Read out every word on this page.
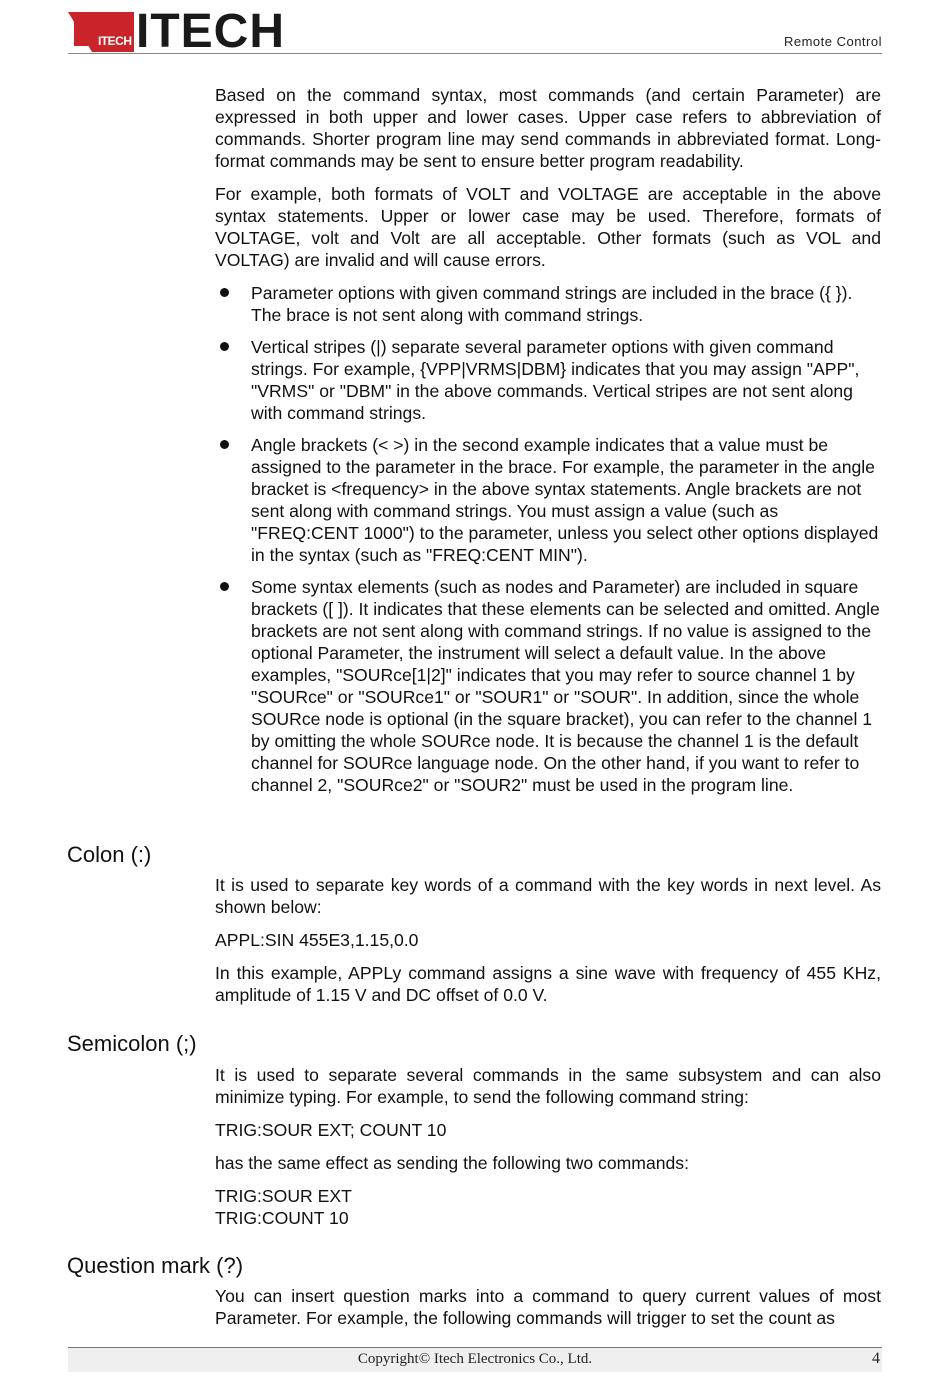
ITECH ITECH	Remote Control

Based on the command syntax, most commands (and certain Parameter) are expressed in both upper and lower cases. Upper case refers to abbreviation of commands. Shorter program line may send commands in abbreviated format. Long-format commands may be sent to ensure better program readability.

For example, both formats of VOLT and VOLTAGE are acceptable in the above syntax statements. Upper or lower case may be used. Therefore, formats of VOLTAGE, volt and Volt are all acceptable. Other formats (such as VOL and VOLTAG) are invalid and will cause errors.

Parameter options with given command strings are included in the brace ({ }). The brace is not sent along with command strings.
Vertical stripes (|) separate several parameter options with given command strings. For example, {VPP|VRMS|DBM} indicates that you may assign "APP", "VRMS" or "DBM" in the above commands. Vertical stripes are not sent along with command strings.
Angle brackets (< >) in the second example indicates that a value must be assigned to the parameter in the brace. For example, the parameter in the angle bracket is <frequency> in the above syntax statements. Angle brackets are not sent along with command strings. You must assign a value (such as "FREQ:CENT 1000") to the parameter, unless you select other options displayed in the syntax (such as "FREQ:CENT MIN").
Some syntax elements (such as nodes and Parameter) are included in square brackets ([ ]). It indicates that these elements can be selected and omitted. Angle brackets are not sent along with command strings. If no value is assigned to the optional Parameter, the instrument will select a default value. In the above examples, "SOURce[1|2]" indicates that you may refer to source channel 1 by "SOURce" or "SOURce1" or "SOUR1" or "SOUR". In addition, since the whole SOURce node is optional (in the square bracket), you can refer to the channel 1 by omitting the whole SOURce node. It is because the channel 1 is the default channel for SOURce language node. On the other hand, if you want to refer to channel 2, "SOURce2" or "SOUR2" must be used in the program line.
Colon (:)

It is used to separate key words of a command with the key words in next level. As shown below:

APPL:SIN 455E3,1.15,0.0

In this example, APPLy command assigns a sine wave with frequency of 455 KHz, amplitude of 1.15 V and DC offset of 0.0 V.

Semicolon (;)

It is used to separate several commands in the same subsystem and can also minimize typing. For example, to send the following command string:

TRIG:SOUR EXT; COUNT 10

has the same effect as sending the following two commands:

TRIG:SOUR EXT

TRIG:COUNT 10

Question mark (?)

You can insert question marks into a command to query current values of most Parameter. For example, the following commands will trigger to set the count as

Copyright© Itech Electronics Co., Ltd.	4
